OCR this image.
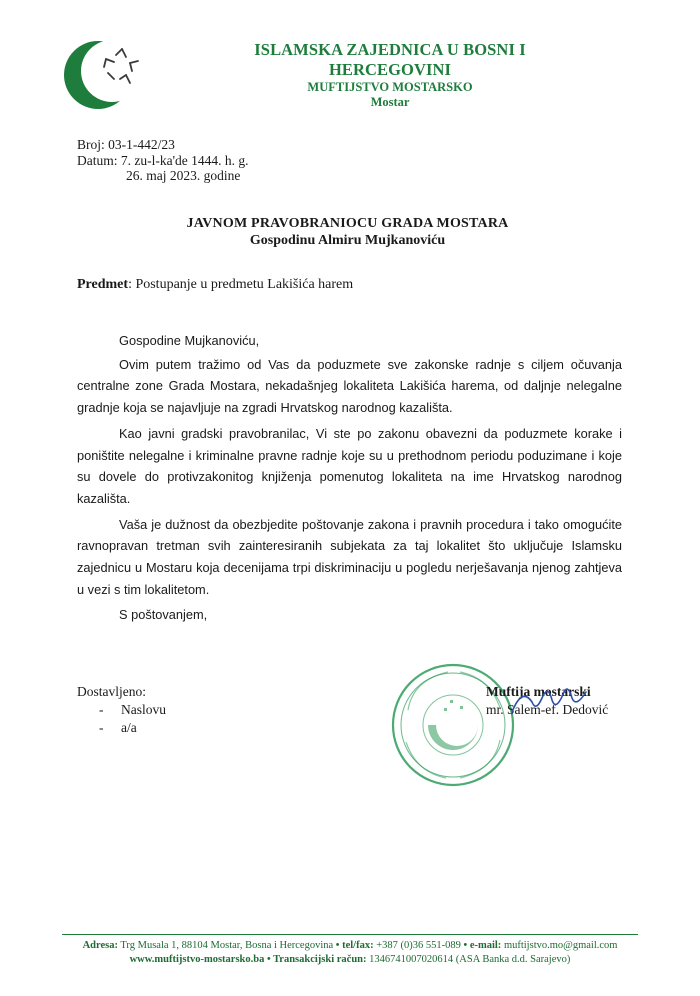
ISLAMSKA ZAJEDNICA U BOSNI I HERCEGOVINI
MUFTIJSTVO MOSTARSKO
Mostar
Broj: 03-1-442/23
Datum: 7. zu-l-ka'de 1444. h. g.
26. maj 2023. godine
JAVNOM PRAVOBRANIOCU GRADA MOSTARA
Gospodinu Almiru Mujkanoviću
Predmet: Postupanje u predmetu Lakišića harem
Gospodine Mujkanoviću,

Ovim putem tražimo od Vas da poduzmete sve zakonske radnje s ciljem očuvanja centralne zone Grada Mostara, nekadašnjeg lokaliteta Lakišića harema, od daljnje nelegalne gradnje koja se najavljuje na zgradi Hrvatskog narodnog kazališta.

Kao javni gradski pravobranilac, Vi ste po zakonu obavezni da poduzmete korake i poništite nelegalne i kriminalne pravne radnje koje su u prethodnom periodu poduzimane i koje su dovele do protivzakonitog knjiženja pomenutog lokaliteta na ime Hrvatskog narodnog kazališta.

Vaša je dužnost da obezbjedite poštovanje zakona i pravnih procedura i tako omogućite ravnopravan tretman svih zainteresiranih subjekata za taj lokalitet što uključuje Islamsku zajednicu u Mostaru koja decenijama trpi diskriminaciju u pogledu nerješavanja njenog zahtjeva u vezi s tim lokalitetom.

S poštovanjem,
Dostavljeno:
- Naslovu
- a/a
Muftija mostarski
mr. Salem-ef. Dedović
Adresa: Trg Musala 1, 88104 Mostar, Bosna i Hercegovina • tel/fax: +387 (0)36 551-089 • e-mail: muftijstvo.mo@gmail.com
www.muftijstvo-mostarsko.ba • Transakcijski račun: 1346741007020614 (ASA Banka d.d. Sarajevo)
